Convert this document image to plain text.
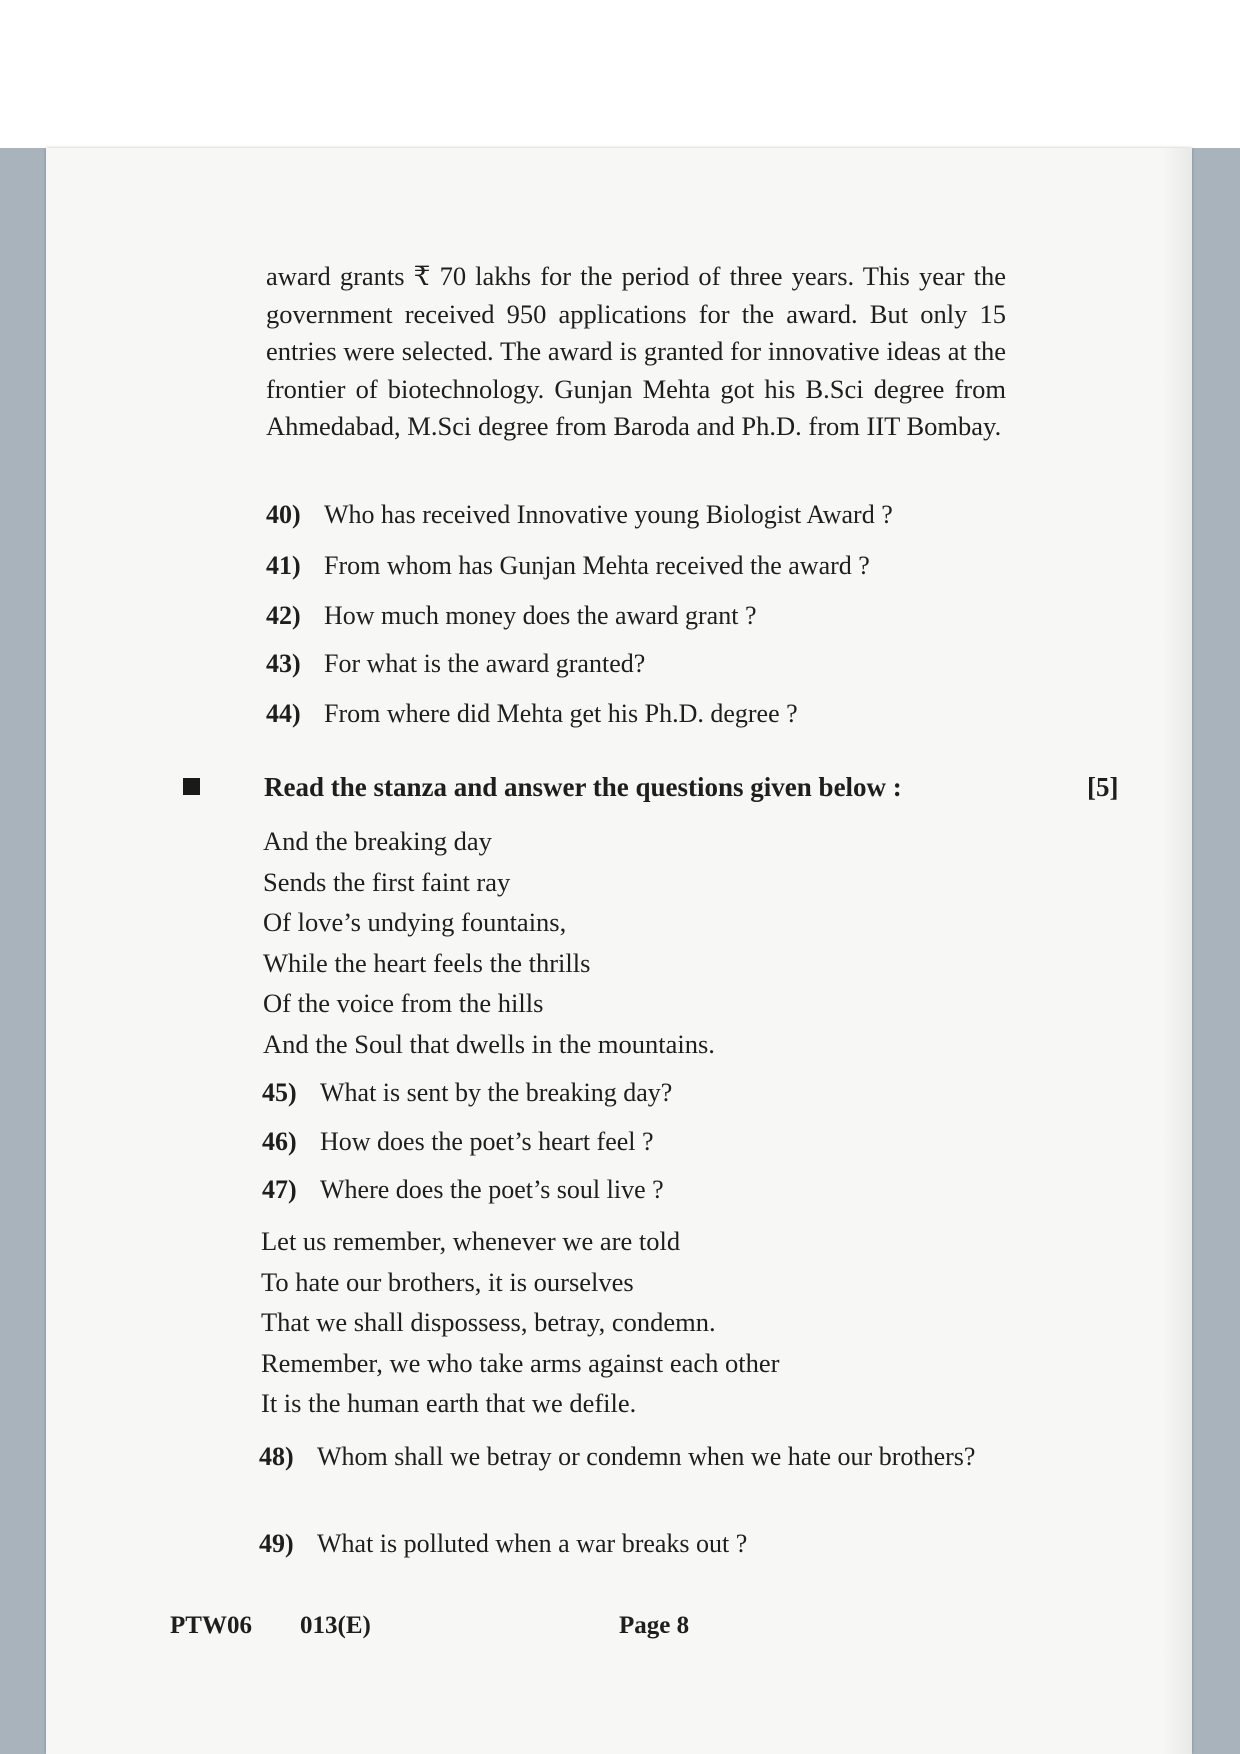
award grants ₹ 70 lakhs for the period of three years. This year the government received 950 applications for the award. But only 15 entries were selected. The award is granted for innovative ideas at the frontier of biotechnology. Gunjan Mehta got his B.Sci degree from Ahmedabad, M.Sci degree from Baroda and Ph.D. from IIT Bombay.

40) Who has received Innovative young Biologist Award ?
41) From whom has Gunjan Mehta received the award ?
42) How much money does the award grant ?
43) For what is the award granted?
44) From where did Mehta get his Ph.D. degree ?

Read the stanza and answer the questions given below :	[5]
And the breaking day
Sends the first faint ray
Of love’s undying fountains,
While the heart feels the thrills
Of the voice from the hills
And the Soul that dwells in the mountains.
45) What is sent by the breaking day?
46) How does the poet’s heart feel ?
47) Where does the poet’s soul live ?
Let us remember, whenever we are told
To hate our brothers, it is ourselves
That we shall dispossess, betray, condemn.
Remember, we who take arms against each other
It is the human earth that we defile.
48) Whom shall we betray or condemn when we hate our brothers?
49) What is polluted when a war breaks out ?
PTW06 013(E)	Page 8
